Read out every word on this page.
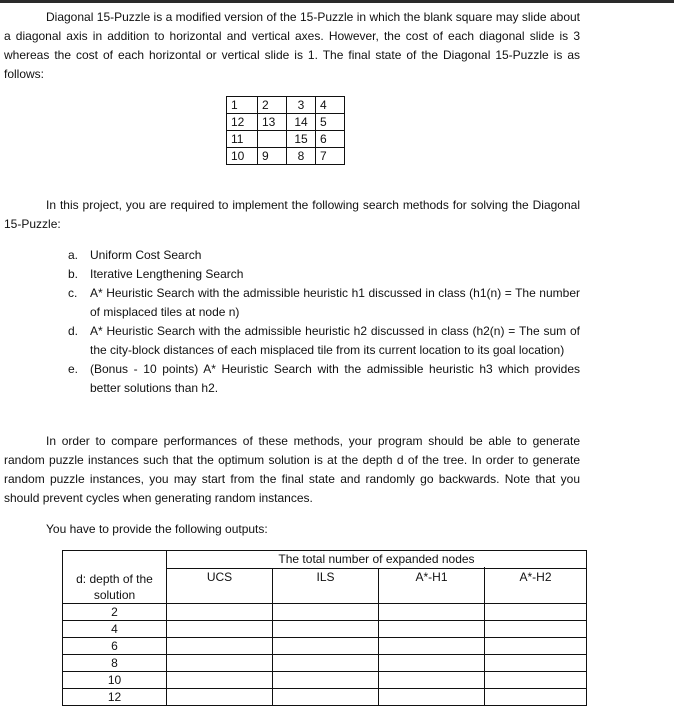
Diagonal 15-Puzzle is a modified version of the 15-Puzzle in which the blank square may slide about a diagonal axis in addition to horizontal and vertical axes. However, the cost of each diagonal slide is 3 whereas the cost of each horizontal or vertical slide is 1. The final state of the Diagonal 15-Puzzle is as follows:
1	2	3	4
12	13	14	5
11		15	6
10	9	8	7
In this project, you are required to implement the following search methods for solving the Diagonal 15-Puzzle:
a. Uniform Cost Search
b. Iterative Lengthening Search
c. A* Heuristic Search with the admissible heuristic h1 discussed in class (h1(n) = The number of misplaced tiles at node n)
d. A* Heuristic Search with the admissible heuristic h2 discussed in class (h2(n) = The sum of the city-block distances of each misplaced tile from its current location to its goal location)
e. (Bonus - 10 points) A* Heuristic Search with the admissible heuristic h3 which provides better solutions than h2.
In order to compare performances of these methods, your program should be able to generate random puzzle instances such that the optimum solution is at the depth d of the tree. In order to generate random puzzle instances, you may start from the final state and randomly go backwards. Note that you should prevent cycles when generating random instances.
You have to provide the following outputs:
	The total number of expanded nodes			

d: depth of the solution	UCS	ILS	A*-H1	A*-H2
2				
4				
6				
8				
10				
12				
